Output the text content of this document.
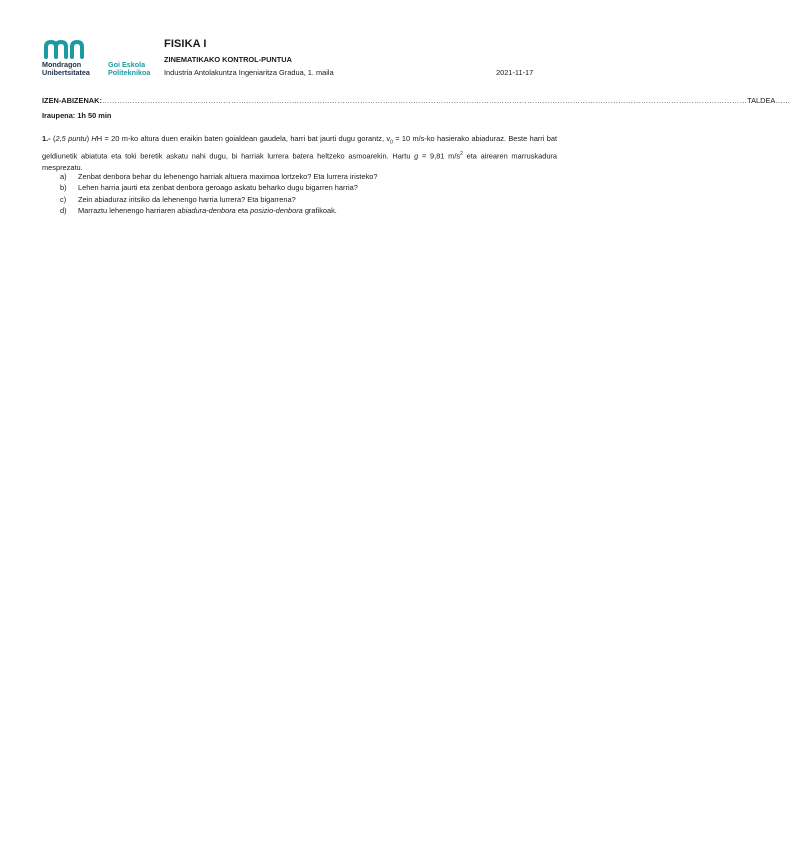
Mondragon
Unibertsitatea
Goi Eskola
Politeknikoa
FISIKA I
ZINEMATIKAKO KONTROL-PUNTUA
Industria Antolakuntza Ingeniaritza Gradua, 1. maila	2021-11-17
IZEN-ABIZENAK: ………………………………………………………………………………………………………………………………………………………………………………………………………………………………… TALDEA……
Iraupena: 1h 50 min
1.- (2,5 puntu) HH = 20 m-ko altura duen eraikin baten goialdean gaudela, harri bat jaurti dugu gorantz, $v_0 = 10$ m/s-ko hasierako abiaduraz. Beste harri bat geldiunetik abiatuta eta toki beretik askatu nahi dugu, bi harriak lurrera batera heltzeko asmoarekin. Hartu g = 9,81 $m/s^2$ eta airearen marruskadura mesprezatu.
a)	Zenbat denbora behar du lehenengo harriak altuera maximoa lortzeko? Eta lurrera iristeko?
b)	Lehen harria jaurti eta zenbat denbora geroago askatu beharko dugu bigarren harria?
c)	Zein abiaduraz iritsiko da lehenengo harria lurrera? Eta bigarrena?
d)	Marraztu lehenengo harriaren abiadura-denbora eta posizio-denbora grafikoak.
